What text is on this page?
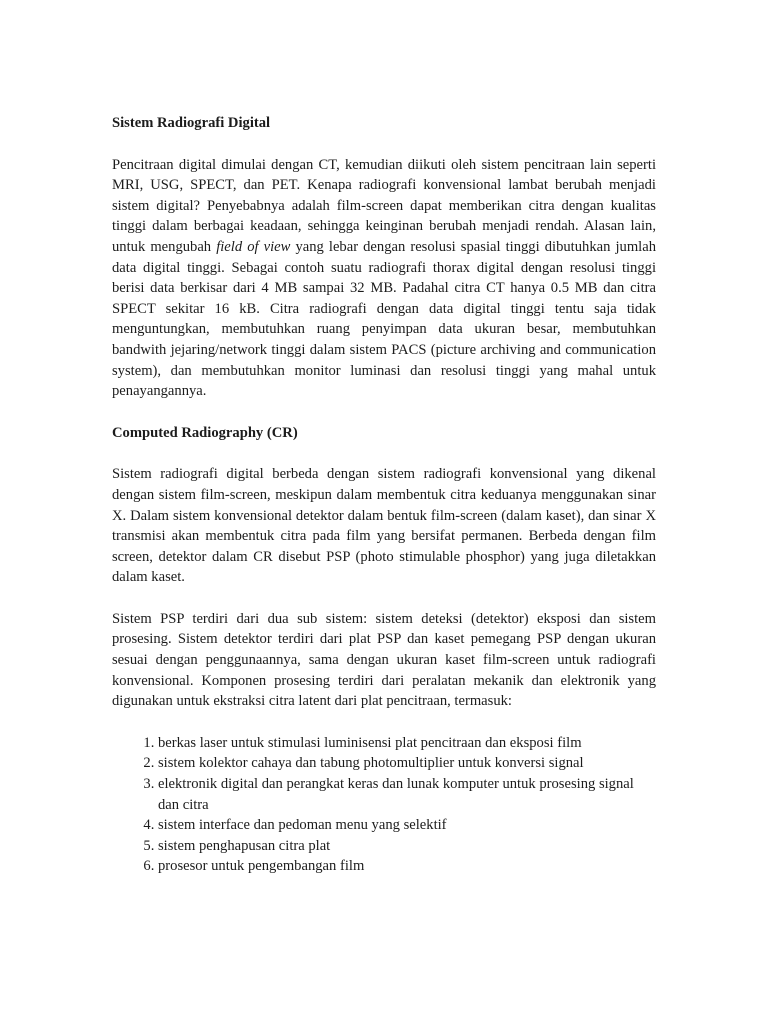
Sistem Radiografi Digital

Pencitraan digital dimulai dengan CT, kemudian diikuti oleh sistem pencitraan lain seperti MRI, USG, SPECT, dan PET. Kenapa radiografi konvensional lambat berubah menjadi sistem digital? Penyebabnya adalah film-screen dapat memberikan citra dengan kualitas tinggi dalam berbagai keadaan, sehingga keinginan berubah menjadi rendah. Alasan lain, untuk mengubah field of view yang lebar dengan resolusi spasial tinggi dibutuhkan jumlah data digital tinggi. Sebagai contoh suatu radiografi thorax digital dengan resolusi tinggi berisi data berkisar dari 4 MB sampai 32 MB. Padahal citra CT hanya 0.5 MB dan citra SPECT sekitar 16 kB. Citra radiografi dengan data digital tinggi tentu saja tidak menguntungkan, membutuhkan ruang penyimpan data ukuran besar, membutuhkan bandwith jejaring/network tinggi dalam sistem PACS (picture archiving and communication system), dan membutuhkan monitor luminasi dan resolusi tinggi yang mahal untuk penayangannya.

Computed Radiography (CR)

Sistem radiografi digital berbeda dengan sistem radiografi konvensional yang dikenal dengan sistem film-screen, meskipun dalam membentuk citra keduanya menggunakan sinar X. Dalam sistem konvensional detektor dalam bentuk film-screen (dalam kaset), dan sinar X transmisi akan membentuk citra pada film yang bersifat permanen. Berbeda dengan film screen, detektor dalam CR disebut PSP (photo stimulable phosphor) yang juga diletakkan dalam kaset.

Sistem PSP terdiri dari dua sub sistem: sistem deteksi (detektor) eksposi dan sistem prosesing. Sistem detektor terdiri dari plat PSP dan kaset pemegang PSP dengan ukuran sesuai dengan penggunaannya, sama dengan ukuran kaset film-screen untuk radiografi konvensional. Komponen prosesing terdiri dari peralatan mekanik dan elektronik yang digunakan untuk ekstraksi citra latent dari plat pencitraan, termasuk:

1. berkas laser untuk stimulasi luminisensi plat pencitraan dan eksposi film
2. sistem kolektor cahaya dan tabung photomultiplier untuk konversi signal
3. elektronik digital dan perangkat keras dan lunak komputer untuk prosesing signal dan citra
4. sistem interface dan pedoman menu yang selektif
5. sistem penghapusan citra plat
6. prosesor untuk pengembangan film
